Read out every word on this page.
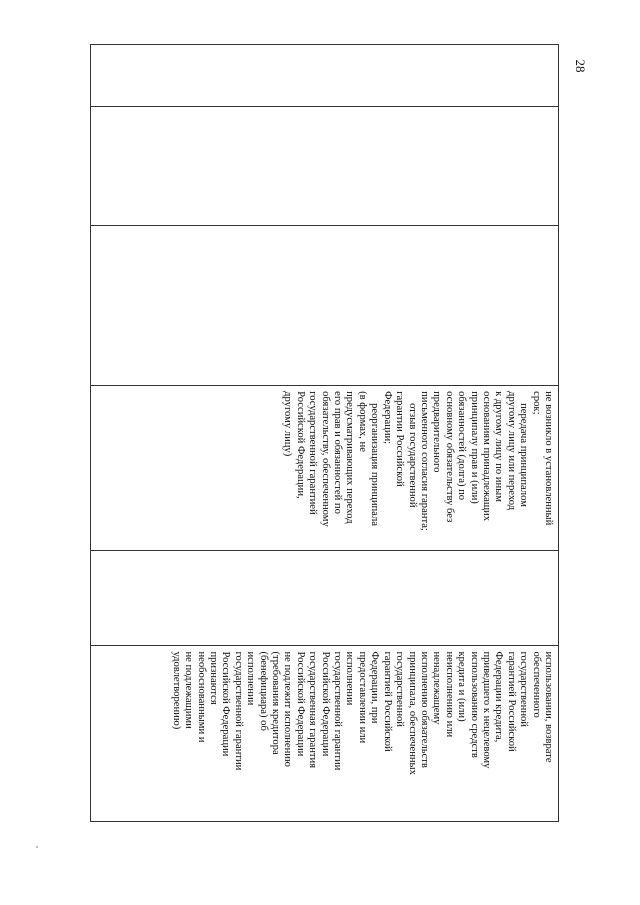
28
не возникло в установленный
срок;
передача принципалом
другому лицу или переход
к другому лицу по иным
основаниям принадлежащих
принципалу прав и (или)
обязанностей (долга) по
основному обязательству без
предварительного
письменного согласия гаранта;
отзыв государственной
гарантии Российской
Федерации;
реорганизация принципала
(в формах, не
предусматривающих переход
его прав и обязанностей по
обязательству, обеспеченному
государственной гарантией
Российской Федерации,
другому лицу)
использовании, возврате
обеспеченного
государственной
гарантией Российской
Федерации кредита,
приведшего к нецелевому
использованию средств
кредита и (или)
неисполнению или
ненадлежащему
исполнению обязательств
принципала, обеспеченных
государственной
гарантией Российской
Федерации, при
предоставлении или
исполнении
государственной гарантии
Российской Федерации
государственная гарантия
Российской Федерации
не подлежит исполнению
(требования кредитора
(бенефициара) об
исполнении
государственной гарантии
Российской Федерации
признаются
необоснованными и
не подлежащими
удовлетворению)
